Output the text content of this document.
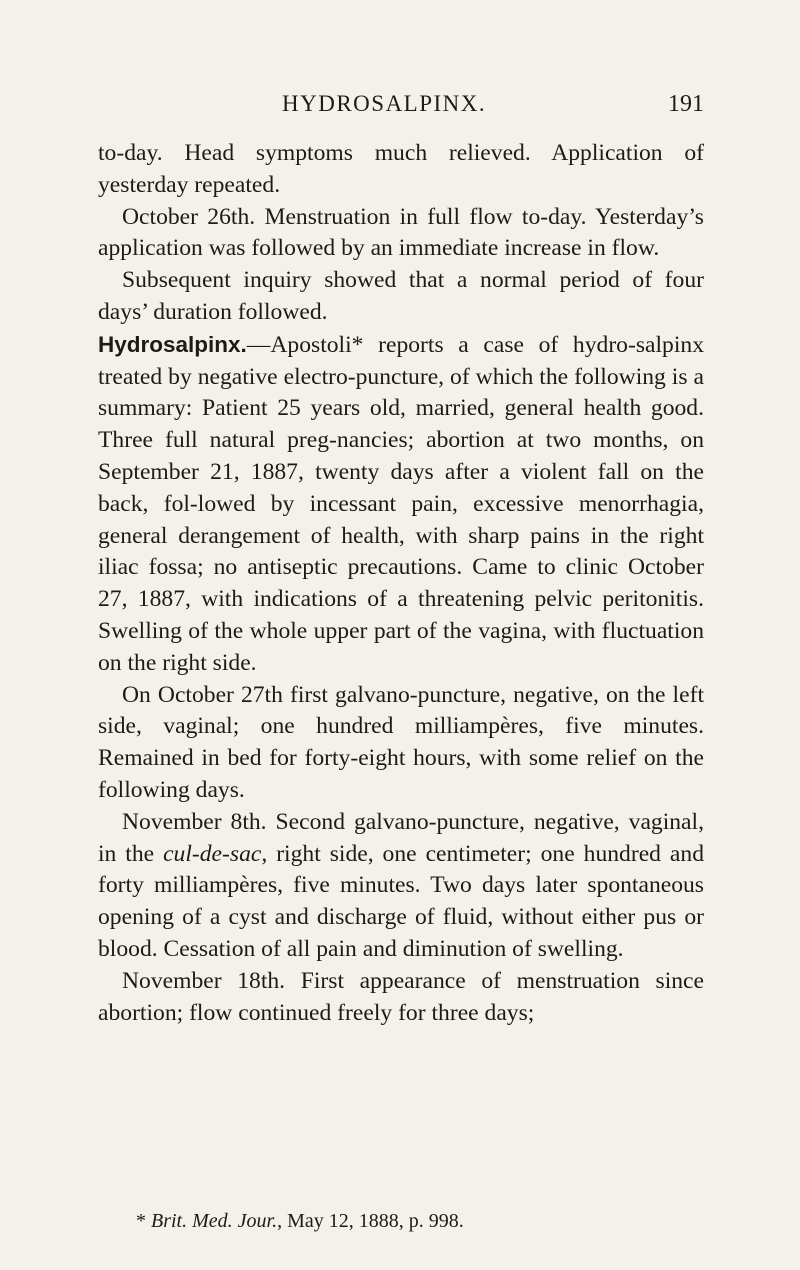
HYDROSALPINX.	191

to-day. Head symptoms much relieved. Application of yesterday repeated.

October 26th. Menstruation in full flow to-day. Yesterday’s application was followed by an immediate increase in flow.

Subsequent inquiry showed that a normal period of four days’ duration followed.

Hydrosalpinx.—Apostoli* reports a case of hydro-salpinx treated by negative electro-puncture, of which the following is a summary: Patient 25 years old, married, general health good. Three full natural preg-nancies; abortion at two months, on September 21, 1887, twenty days after a violent fall on the back, fol-lowed by incessant pain, excessive menorrhagia, general derangement of health, with sharp pains in the right iliac fossa; no antiseptic precautions. Came to clinic October 27, 1887, with indications of a threatening pelvic peritonitis. Swelling of the whole upper part of the vagina, with fluctuation on the right side.

On October 27th first galvano-puncture, negative, on the left side, vaginal; one hundred milliampères, five minutes. Remained in bed for forty-eight hours, with some relief on the following days.

November 8th. Second galvano-puncture, negative, vaginal, in the cul-de-sac, right side, one centimeter; one hundred and forty milliampères, five minutes. Two days later spontaneous opening of a cyst and discharge of fluid, without either pus or blood. Cessation of all pain and diminution of swelling.

November 18th. First appearance of menstruation since abortion; flow continued freely for three days;

* Brit. Med. Jour., May 12, 1888, p. 998.
